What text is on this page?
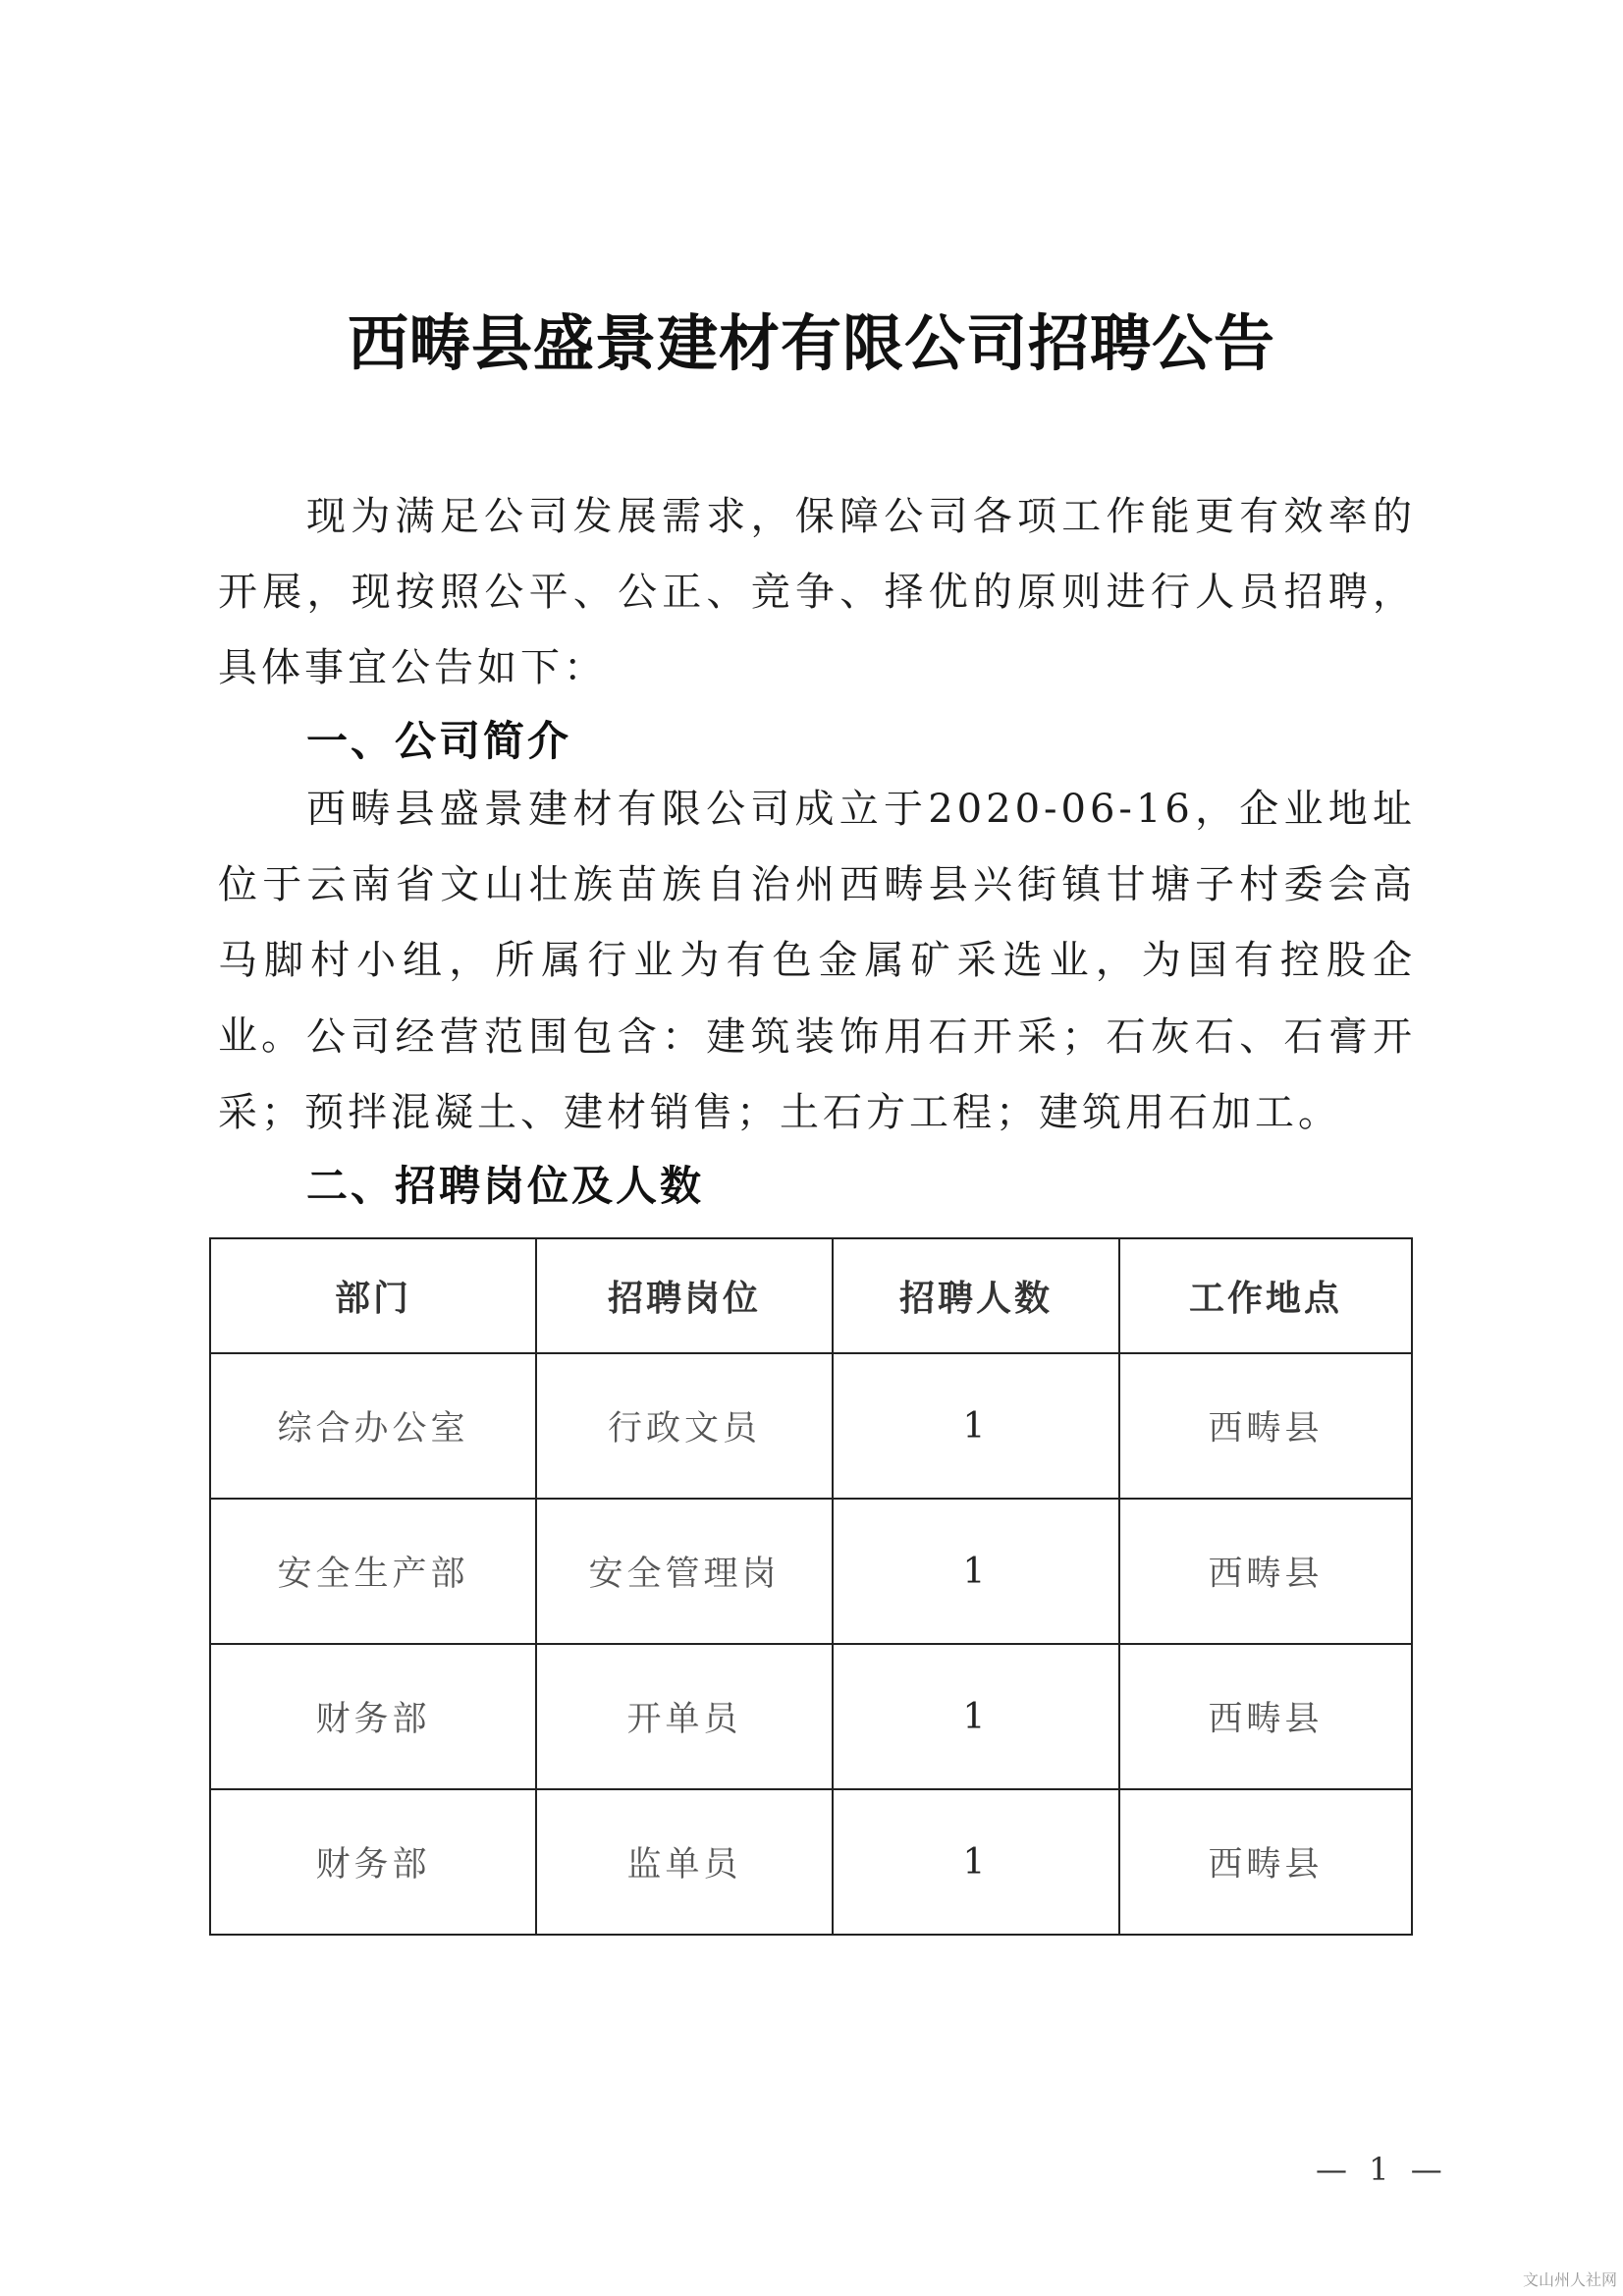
西畴县盛景建材有限公司招聘公告

现为满足公司发展需求，保障公司各项工作能更有效率的开展，现按照公平、公正、竞争、择优的原则进行人员招聘，具体事宜公告如下：

一、公司简介

西畴县盛景建材有限公司成立于2020-06-16，企业地址位于云南省文山壮族苗族自治州西畴县兴街镇甘塘子村委会高马脚村小组，所属行业为有色金属矿采选业，为国有控股企业。 公司经营范围包含：建筑装饰用石开采；石灰石、石膏开采；预拌混凝土、建材销售；土石方工程；建筑用石加工。

二、招聘岗位及人数
部门	招聘岗位	招聘人数	工作地点
综合办公室	行政文员	1	西畴县
安全生产部	安全管理岗	1	西畴县
财务部	开单员	1	西畴县
财务部	监单员	1	西畴县
— 1 —
文山州人社网
